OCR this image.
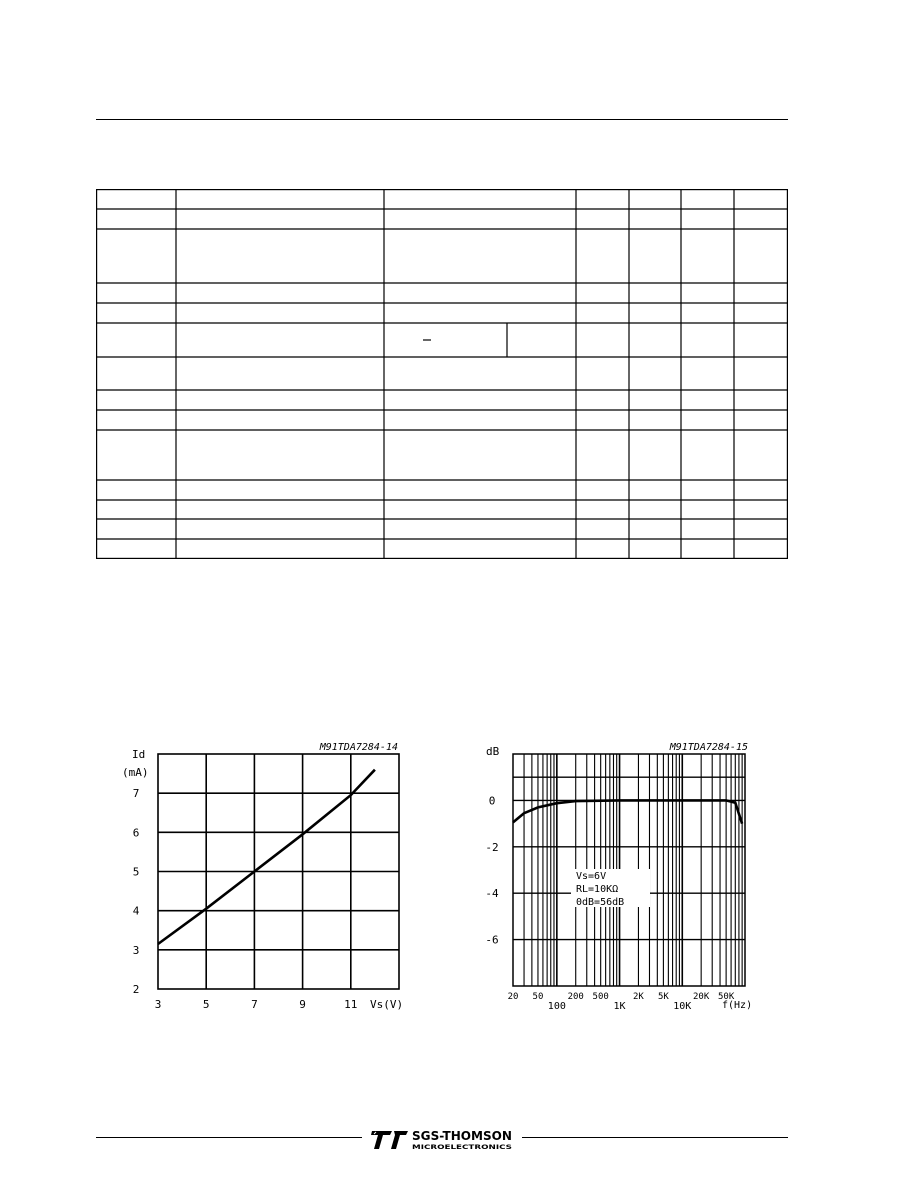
M91TDA7284-14
Id
(mA)
Vs(V)
3	5	7	9	11
2
3
4
5
6
7
M91TDA7284-15
dB
f(Hz)
20 50	200 500	2K 5K	20K 50K
100	1K	10K
0
-2
-4
-6
Vs=6V
RL=10KΩ
0dB=56dB
SGS-THOMSON
MICROELECTRONICS
